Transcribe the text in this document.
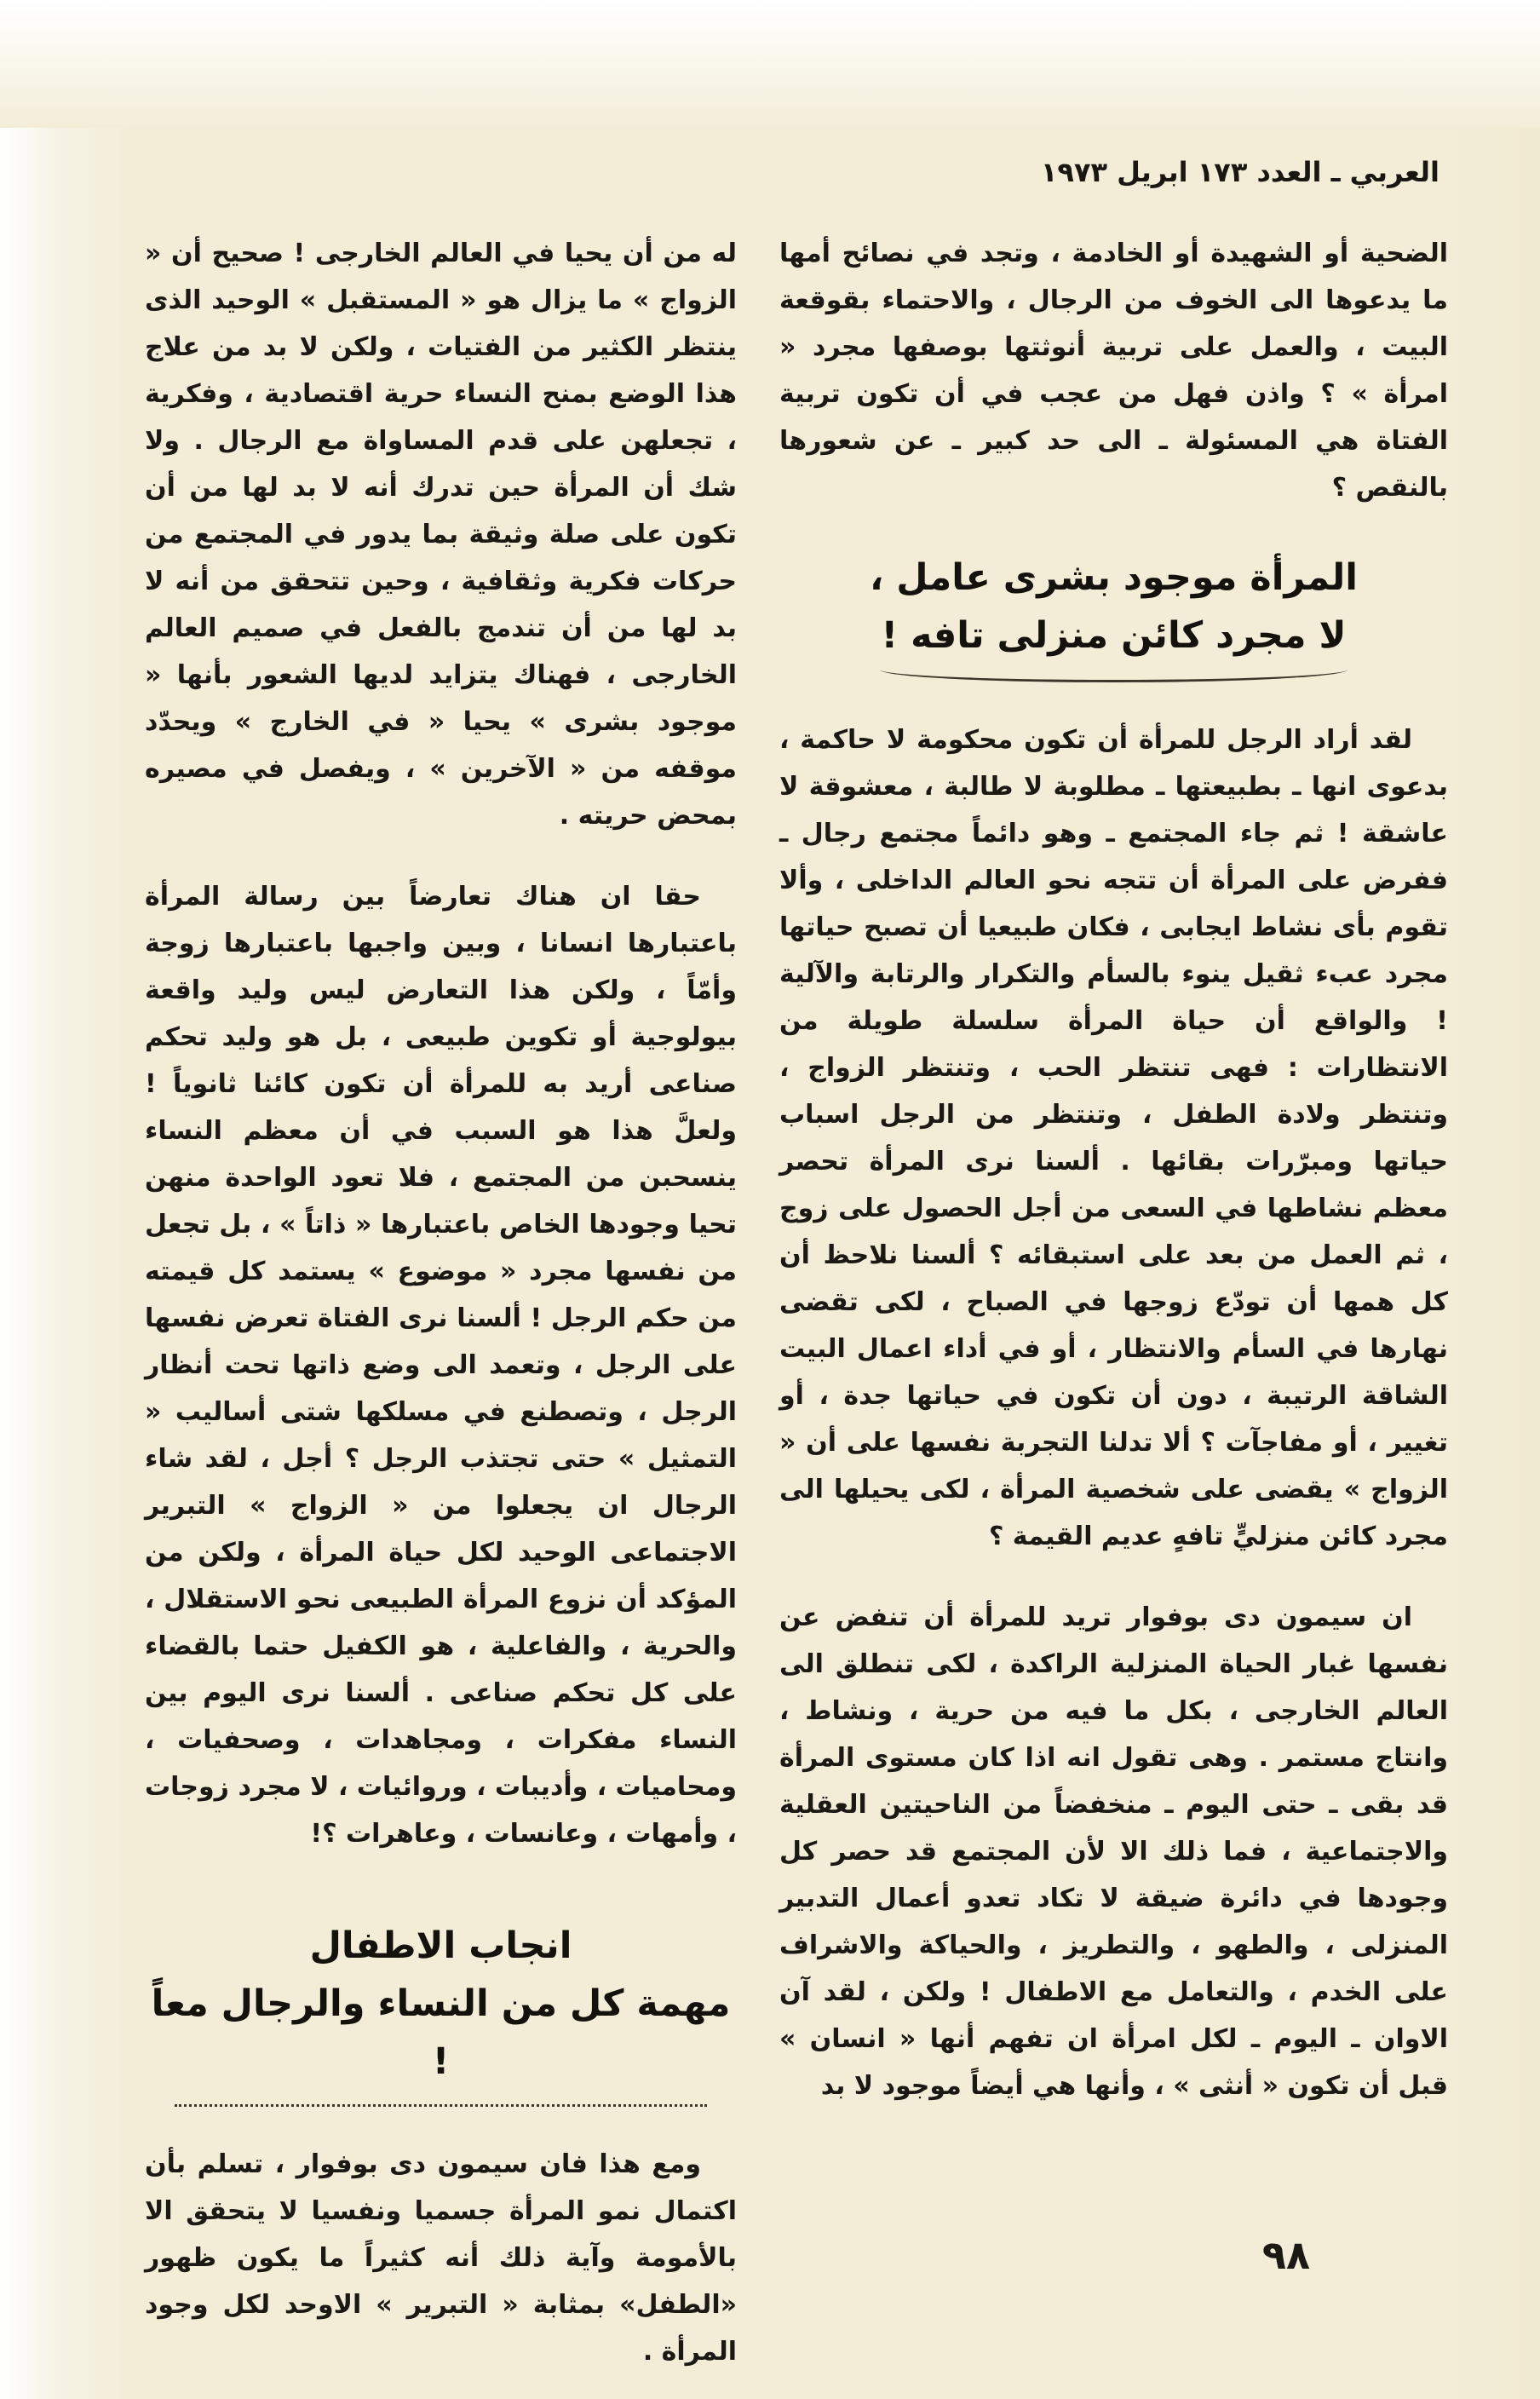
العربي ـ العدد ١٧٣ ابريل ١٩٧٣

الضحية أو الشهيدة أو الخادمة ، وتجد في نصائح أمها ما يدعوها الى الخوف من الرجال ، والاحتماء بقوقعة البيت ، والعمل على تربية أنوثتها بوصفها مجرد « امرأة » ؟ واذن فهل من عجب في أن تكون تربية الفتاة هي المسئولة ـ الى حد كبير ـ عن شعورها بالنقص ؟

المرأة موجود بشرى عامل ،
لا مجرد كائن منزلى تافه !

لقد أراد الرجل للمرأة أن تكون محكومة لا حاكمة ، بدعوى انها ـ بطبيعتها ـ مطلوبة لا طالبة ، معشوقة لا عاشقة ! ثم جاء المجتمع ـ وهو دائماً مجتمع رجال ـ ففرض على المرأة أن تتجه نحو العالم الداخلى ، وألا تقوم بأى نشاط ايجابى ، فكان طبيعيا أن تصبح حياتها مجرد عبء ثقيل ينوء بالسأم والتكرار والرتابة والآلية ! والواقع أن حياة المرأة سلسلة طويلة من الانتظارات : فهى تنتظر الحب ، وتنتظر الزواج ، وتنتظر ولادة الطفل ، وتنتظر من الرجل اسباب حياتها ومبرّرات بقائها . ألسنا نرى المرأة تحصر معظم نشاطها في السعى من أجل الحصول على زوج ، ثم العمل من بعد على استبقائه ؟ ألسنا نلاحظ أن كل همها أن تودّع زوجها في الصباح ، لكى تقضى نهارها في السأم والانتظار ، أو في أداء اعمال البيت الشاقة الرتيبة ، دون أن تكون في حياتها جدة ، أو تغيير ، أو مفاجآت ؟ ألا تدلنا التجربة نفسها على أن « الزواج » يقضى على شخصية المرأة ، لكى يحيلها الى مجرد كائن منزليٍّ تافهٍ عديم القيمة ؟

ان سيمون دى بوفوار تريد للمرأة أن تنفض عن نفسها غبار الحياة المنزلية الراكدة ، لكى تنطلق الى العالم الخارجى ، بكل ما فيه من حرية ، ونشاط ، وانتاج مستمر . وهى تقول انه اذا كان مستوى المرأة قد بقى ـ حتى اليوم ـ منخفضاً من الناحيتين العقلية والاجتماعية ، فما ذلك الا لأن المجتمع قد حصر كل وجودها في دائرة ضيقة لا تكاد تعدو أعمال التدبير المنزلى ، والطهو ، والتطريز ، والحياكة والاشراف على الخدم ، والتعامل مع الاطفال ! ولكن ، لقد آن الاوان ـ اليوم ـ لكل امرأة ان تفهم أنها « انسان » قبل أن تكون « أنثى » ، وأنها هي أيضاً موجود لا بد

له من أن يحيا في العالم الخارجى ! صحيح أن « الزواج » ما يزال هو « المستقبل » الوحيد الذى ينتظر الكثير من الفتيات ، ولكن لا بد من علاج هذا الوضع بمنح النساء حرية اقتصادية ، وفكرية ، تجعلهن على قدم المساواة مع الرجال . ولا شك أن المرأة حين تدرك أنه لا بد لها من أن تكون على صلة وثيقة بما يدور في المجتمع من حركات فكرية وثقافية ، وحين تتحقق من أنه لا بد لها من أن تندمج بالفعل في صميم العالم الخارجى ، فهناك يتزايد لديها الشعور بأنها « موجود بشرى » يحيا « في الخارج » ويحدّد موقفه من « الآخرين » ، ويفصل في مصيره بمحض حريته .

حقا ان هناك تعارضاً بين رسالة المرأة باعتبارها انسانا ، وبين واجبها باعتبارها زوجة وأمّاً ، ولكن هذا التعارض ليس وليد واقعة بيولوجية أو تكوين طبيعى ، بل هو وليد تحكم صناعى أريد به للمرأة أن تكون كائنا ثانوياً ! ولعلَّ هذا هو السبب في أن معظم النساء ينسحبن من المجتمع ، فلا تعود الواحدة منهن تحيا وجودها الخاص باعتبارها « ذاتاً » ، بل تجعل من نفسها مجرد « موضوع » يستمد كل قيمته من حكم الرجل ! ألسنا نرى الفتاة تعرض نفسها على الرجل ، وتعمد الى وضع ذاتها تحت أنظار الرجل ، وتصطنع في مسلكها شتى أساليب « التمثيل » حتى تجتذب الرجل ؟ أجل ، لقد شاء الرجال ان يجعلوا من « الزواج » التبرير الاجتماعى الوحيد لكل حياة المرأة ، ولكن من المؤكد أن نزوع المرأة الطبيعى نحو الاستقلال ، والحرية ، والفاعلية ، هو الكفيل حتما بالقضاء على كل تحكم صناعى . ألسنا نرى اليوم بين النساء مفكرات ، ومجاهدات ، وصحفيات ، ومحاميات ، وأديبات ، وروائيات ، لا مجرد زوجات ، وأمهات ، وعانسات ، وعاهرات ؟!

انجاب الاطفال
مهمة كل من النساء والرجال معاً !

ومع هذا فان سيمون دى بوفوار ، تسلم بأن اكتمال نمو المرأة جسميا ونفسيا لا يتحقق الا بالأمومة وآية ذلك أنه كثيراً ما يكون ظهور «الطفل» بمثابة « التبرير » الاوحد لكل وجود المرأة .

٩٨
